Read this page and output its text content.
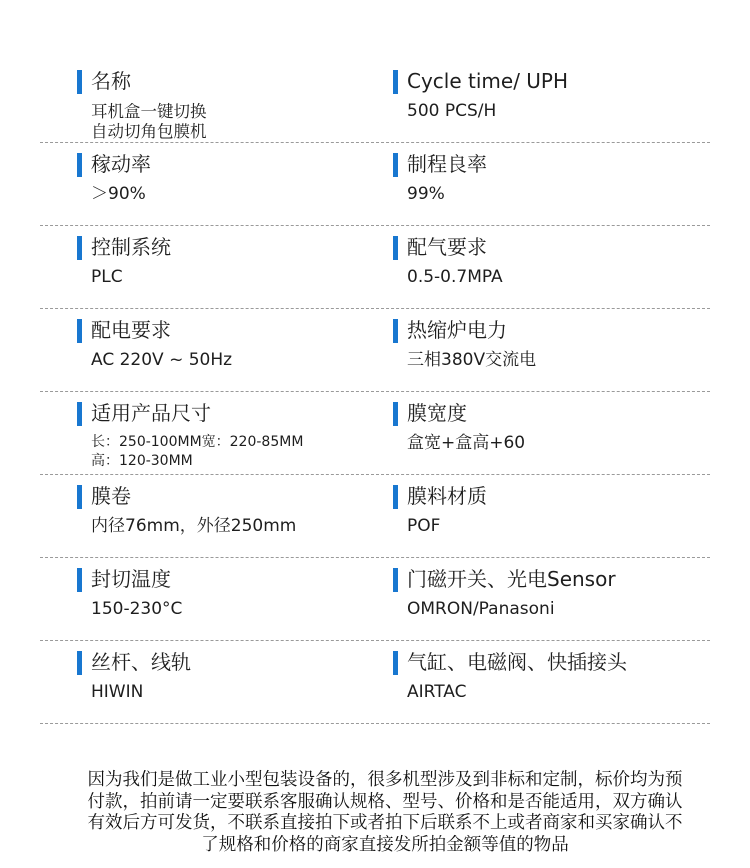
名称
耳机盒一键切换
自动切角包膜机
Cycle time/ UPH
500 PCS/H
稼动率
＞90%
制程良率
99%
控制系统
PLC
配气要求
0.5-0.7MPA
配电要求
AC 220V ~ 50Hz
热缩炉电力
三相380V交流电
适用产品尺寸
长：250-100MM宽：220-85MM
高：120-30MM
膜宽度
盒宽+盒高+60
膜卷
内径76mm，外径250mm
膜料材质
POF
封切温度
150-230°C
门磁开关、光电Sensor
OMRON/Panasoni
丝杆、线轨
HIWIN
气缸、电磁阀、快插接头
AIRTAC
因为我们是做工业小型包装设备的，很多机型涉及到非标和定制，标价均为预
付款，拍前请一定要联系客服确认规格、型号、价格和是否能适用，双方确认
有效后方可发货，不联系直接拍下或者拍下后联系不上或者商家和买家确认不
了规格和价格的商家直接发所拍金额等值的物品
